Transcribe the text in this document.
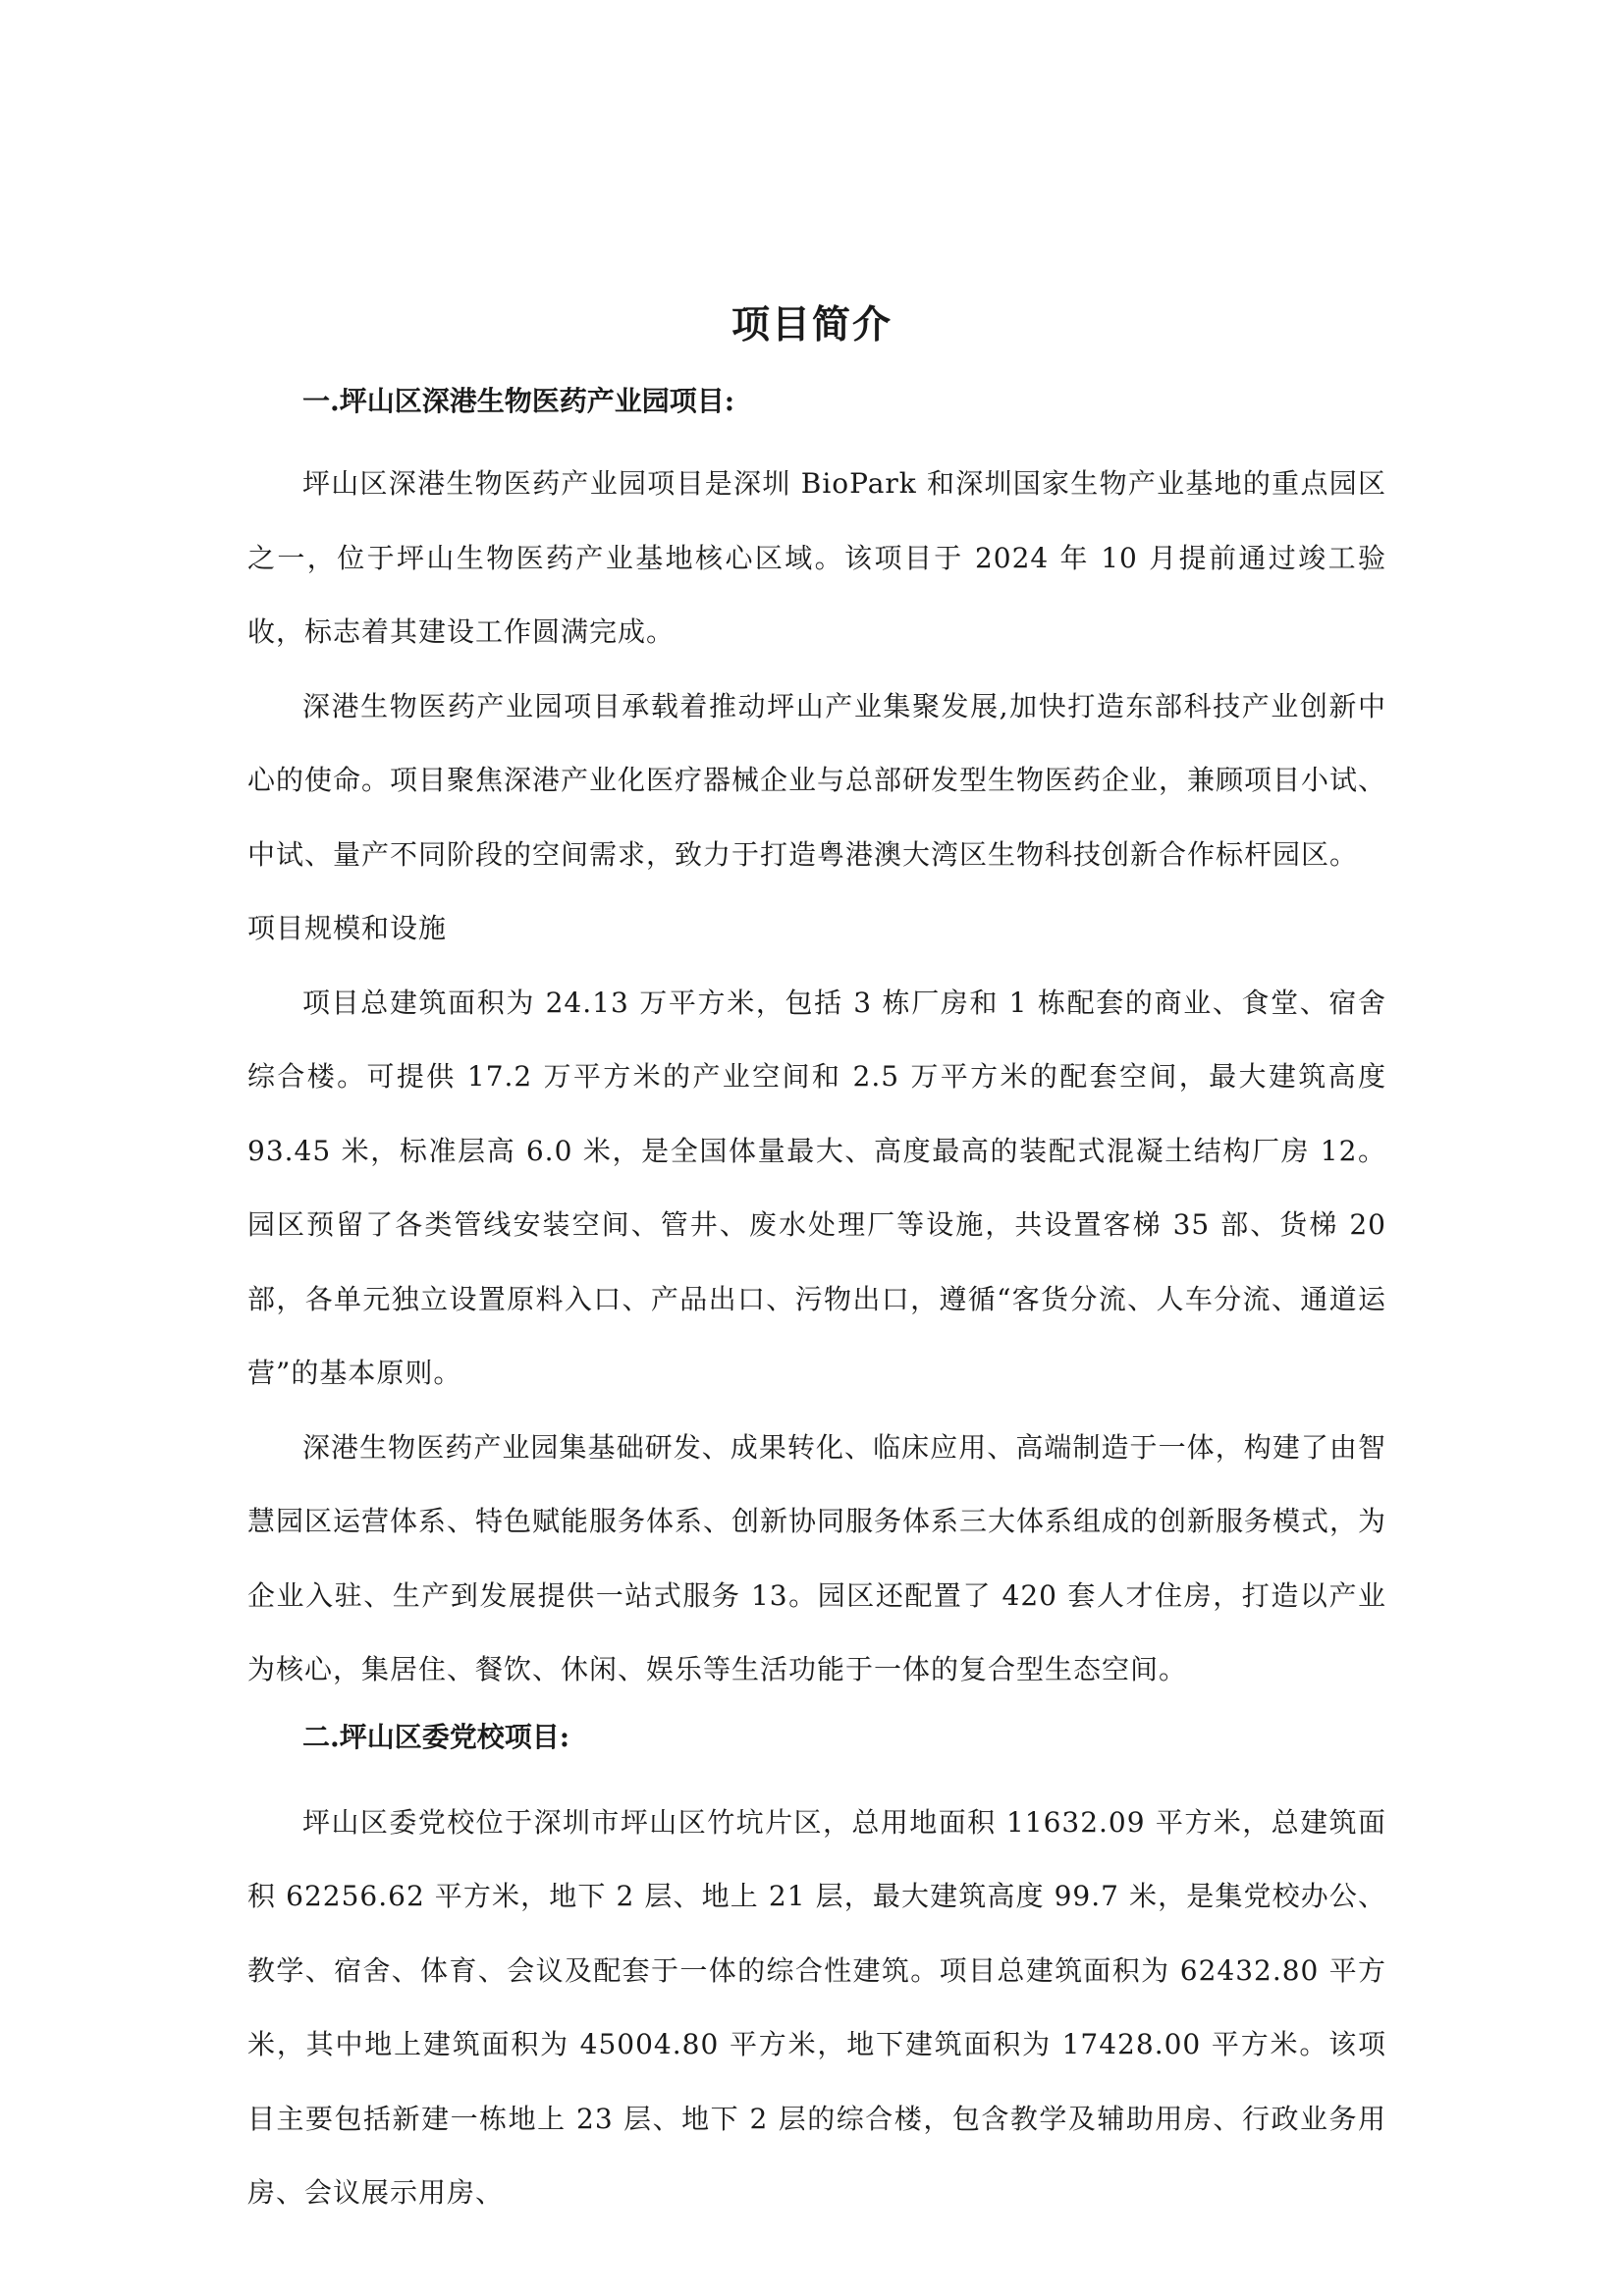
项目简介

一.坪山区深港生物医药产业园项目:

坪山区深港生物医药产业园项目是深圳 BioPark 和深圳国家生物产业基地的重点园区之一，位于坪山生物医药产业基地核心区域。该项目于 2024 年 10 月提前通过竣工验收，标志着其建设工作圆满完成。

深港生物医药产业园项目承载着推动坪山产业集聚发展,加快打造东部科技产业创新中心的使命。项目聚焦深港产业化医疗器械企业与总部研发型生物医药企业，兼顾项目小试、中试、量产不同阶段的空间需求，致力于打造粤港澳大湾区生物科技创新合作标杆园区。

项目规模和设施

项目总建筑面积为 24.13 万平方米，包括 3 栋厂房和 1 栋配套的商业、食堂、宿舍综合楼。可提供 17.2 万平方米的产业空间和 2.5 万平方米的配套空间，最大建筑高度 93.45 米，标准层高 6.0 米，是全国体量最大、高度最高的装配式混凝土结构厂房 12。园区预留了各类管线安装空间、管井、废水处理厂等设施，共设置客梯 35 部、货梯 20 部，各单元独立设置原料入口、产品出口、污物出口，遵循“客货分流、人车分流、通道运营”的基本原则。

深港生物医药产业园集基础研发、成果转化、临床应用、高端制造于一体，构建了由智慧园区运营体系、特色赋能服务体系、创新协同服务体系三大体系组成的创新服务模式，为企业入驻、生产到发展提供一站式服务 13。园区还配置了 420 套人才住房，打造以产业为核心，集居住、餐饮、休闲、娱乐等生活功能于一体的复合型生态空间。

二.坪山区委党校项目:

坪山区委党校位于深圳市坪山区竹坑片区，总用地面积 11632.09 平方米，总建筑面积 62256.62 平方米，地下 2 层、地上 21 层，最大建筑高度 99.7 米，是集党校办公、教学、宿舍、体育、会议及配套于一体的综合性建筑。项目总建筑面积为 62432.80 平方米，其中地上建筑面积为 45004.80 平方米，地下建筑面积为 17428.00 平方米。该项目主要包括新建一栋地上 23 层、地下 2 层的综合楼，包含教学及辅助用房、行政业务用房、会议展示用房、
